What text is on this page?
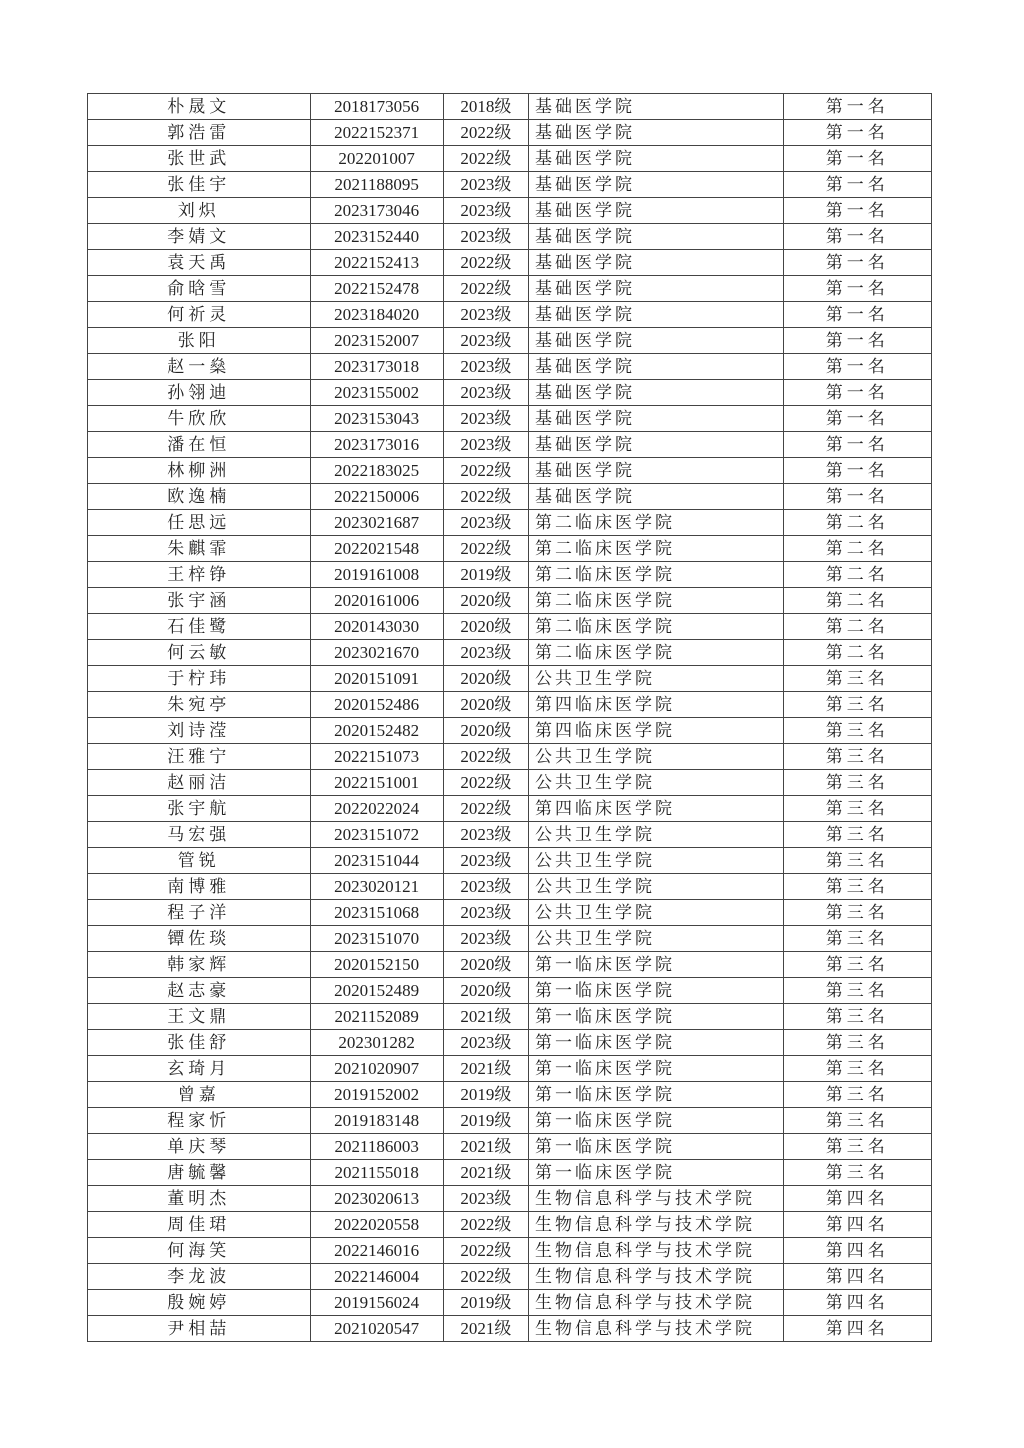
朴晟文	2018173056	2018级	基础医学院	第一名
郭浩雷	2022152371	2022级	基础医学院	第一名
张世武	202201007	2022级	基础医学院	第一名
张佳宇	2021188095	2023级	基础医学院	第一名
刘炽	2023173046	2023级	基础医学院	第一名
李婧文	2023152440	2023级	基础医学院	第一名
袁天禹	2022152413	2022级	基础医学院	第一名
俞晗雪	2022152478	2022级	基础医学院	第一名
何祈灵	2023184020	2023级	基础医学院	第一名
张阳	2023152007	2023级	基础医学院	第一名
赵一燊	2023173018	2023级	基础医学院	第一名
孙翎迪	2023155002	2023级	基础医学院	第一名
牛欣欣	2023153043	2023级	基础医学院	第一名
潘在恒	2023173016	2023级	基础医学院	第一名
林柳洲	2022183025	2022级	基础医学院	第一名
欧逸楠	2022150006	2022级	基础医学院	第一名
任思远	2023021687	2023级	第二临床医学院	第二名
朱麒霏	2022021548	2022级	第二临床医学院	第二名
王梓铮	2019161008	2019级	第二临床医学院	第二名
张宇涵	2020161006	2020级	第二临床医学院	第二名
石佳鹭	2020143030	2020级	第二临床医学院	第二名
何云敏	2023021670	2023级	第二临床医学院	第二名
于柠玮	2020151091	2020级	公共卫生学院	第三名
朱宛亭	2020152486	2020级	第四临床医学院	第三名
刘诗滢	2020152482	2020级	第四临床医学院	第三名
汪雅宁	2022151073	2022级	公共卫生学院	第三名
赵丽洁	2022151001	2022级	公共卫生学院	第三名
张宇航	2022022024	2022级	第四临床医学院	第三名
马宏强	2023151072	2023级	公共卫生学院	第三名
管锐	2023151044	2023级	公共卫生学院	第三名
南博雅	2023020121	2023级	公共卫生学院	第三名
程子洋	2023151068	2023级	公共卫生学院	第三名
镡佐琰	2023151070	2023级	公共卫生学院	第三名
韩家辉	2020152150	2020级	第一临床医学院	第三名
赵志豪	2020152489	2020级	第一临床医学院	第三名
王文鼎	2021152089	2021级	第一临床医学院	第三名
张佳舒	202301282	2023级	第一临床医学院	第三名
玄琦月	2021020907	2021级	第一临床医学院	第三名
曾嘉	2019152002	2019级	第一临床医学院	第三名
程家忻	2019183148	2019级	第一临床医学院	第三名
单庆琴	2021186003	2021级	第一临床医学院	第三名
唐毓馨	2021155018	2021级	第一临床医学院	第三名
董明杰	2023020613	2023级	生物信息科学与技术学院	第四名
周佳珺	2022020558	2022级	生物信息科学与技术学院	第四名
何海笑	2022146016	2022级	生物信息科学与技术学院	第四名
李龙波	2022146004	2022级	生物信息科学与技术学院	第四名
殷婉婷	2019156024	2019级	生物信息科学与技术学院	第四名
尹相喆	2021020547	2021级	生物信息科学与技术学院	第四名
